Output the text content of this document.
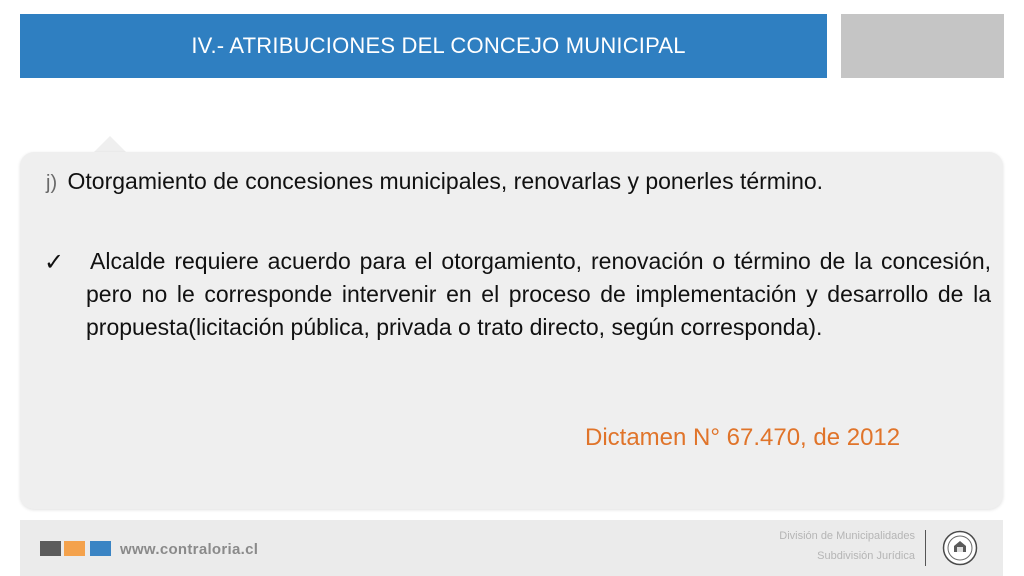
IV.- ATRIBUCIONES DEL CONCEJO MUNICIPAL
j) Otorgamiento de concesiones municipales, renovarlas y ponerles término.
✓ Alcalde requiere acuerdo para el otorgamiento, renovación o término de la concesión, pero no le corresponde intervenir en el proceso de implementación y desarrollo de la propuesta(licitación pública, privada o trato directo, según corresponda).
Dictamen N° 67.470, de 2012
www.contraloria.cl
División de Municipalidades
Subdivisión Jurídica
